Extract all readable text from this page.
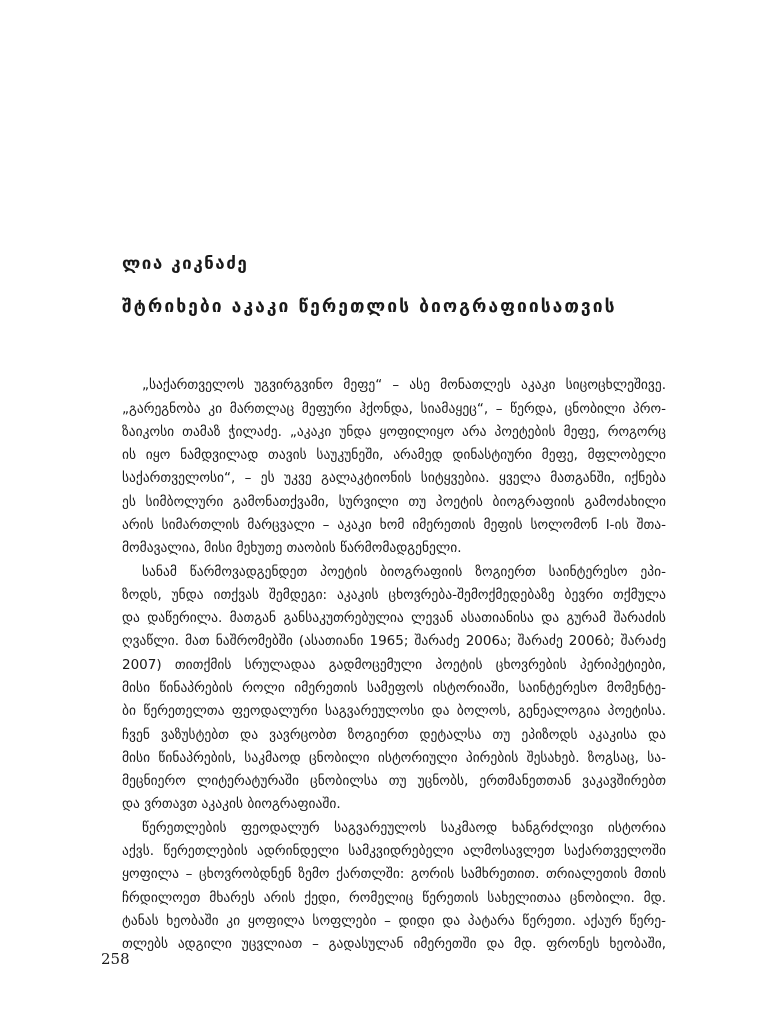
ლია კიკნაძე
შტრიხები აკაკი წერეთლის ბიოგრაფიისათვის
„საქართველოს უგვირგვინო მეფე“ – ასე მონათლეს აკაკი სიცოცხლეშივე.
„გარეგნობა კი მართლაც მეფური ჰქონდა, სიამაყეც“, – წერდა, ცნობილი პრო-
ზაიკოსი თამაზ ჭილაძე. „აკაკი უნდა ყოფილიყო არა პოეტების მეფე, როგორც
ის იყო ნამდვილად თავის საუკუნეში, არამედ დინასტიური მეფე, მფლობელი
საქართველოსი“, – ეს უკვე გალაკტიონის სიტყვებია. ყველა მათგანში, იქნება
ეს სიმბოლური გამონათქვამი, სურვილი თუ პოეტის ბიოგრაფიის გამოძახილი
არის სიმართლის მარცვალი – აკაკი ხომ იმერეთის მეფის სოლომონ I-ის შთა-
მომავალია, მისი მეხუთე თაობის წარმომადგენელი.
სანამ წარმოვადგენდეთ პოეტის ბიოგრაფიის ზოგიერთ საინტერესო ეპი-
ზოდს, უნდა ითქვას შემდეგი: აკაკის ცხოვრება-შემოქმედებაზე ბევრი თქმულა
და დაწერილა. მათგან განსაკუთრებულია ლევან ასათიანისა და გურამ შარაძის
ღვაწლი. მათ ნაშრომებში (ასათიანი 1965; შარაძე 2006ა; შარაძე 2006ბ; შარაძე
2007) თითქმის სრულადაა გადმოცემული პოეტის ცხოვრების პერიპეტიები,
მისი წინაპრების როლი იმერეთის სამეფოს ისტორიაში, საინტერესო მომენტე-
ბი წერეთელთა ფეოდალური საგვარეულოსი და ბოლოს, გენეალოგია პოეტისა.
ჩვენ ვაზუსტებთ და ვავრცობთ ზოგიერთ დეტალსა თუ ეპიზოდს აკაკისა და
მისი წინაპრების, საკმაოდ ცნობილი ისტორიული პირების შესახებ. ზოგსაც, სა-
მეცნიერო ლიტერატურაში ცნობილსა თუ უცნობს, ერთმანეთთან ვაკავშირებთ
და ვრთავთ აკაკის ბიოგრაფიაში.
წერეთლების ფეოდალურ საგვარეულოს საკმაოდ ხანგრძლივი ისტორია
აქვს. წერეთლების ადრინდელი სამკვიდრებელი ალმოსავლეთ საქართველოში
ყოფილა – ცხოვრობდნენ ზემო ქართლში: გორის სამხრეთით. თრიალეთის მთის
ჩრდილოეთ მხარეს არის ქედი, რომელიც წერეთის სახელითაა ცნობილი. მდ.
ტანას ხეობაში კი ყოფილა სოფლები – დიდი და პატარა წერეთი. აქაურ წერე-
თლებს ადგილი უცვლიათ – გადასულან იმერეთში და მდ. ფრონეს ხეობაში,
258
